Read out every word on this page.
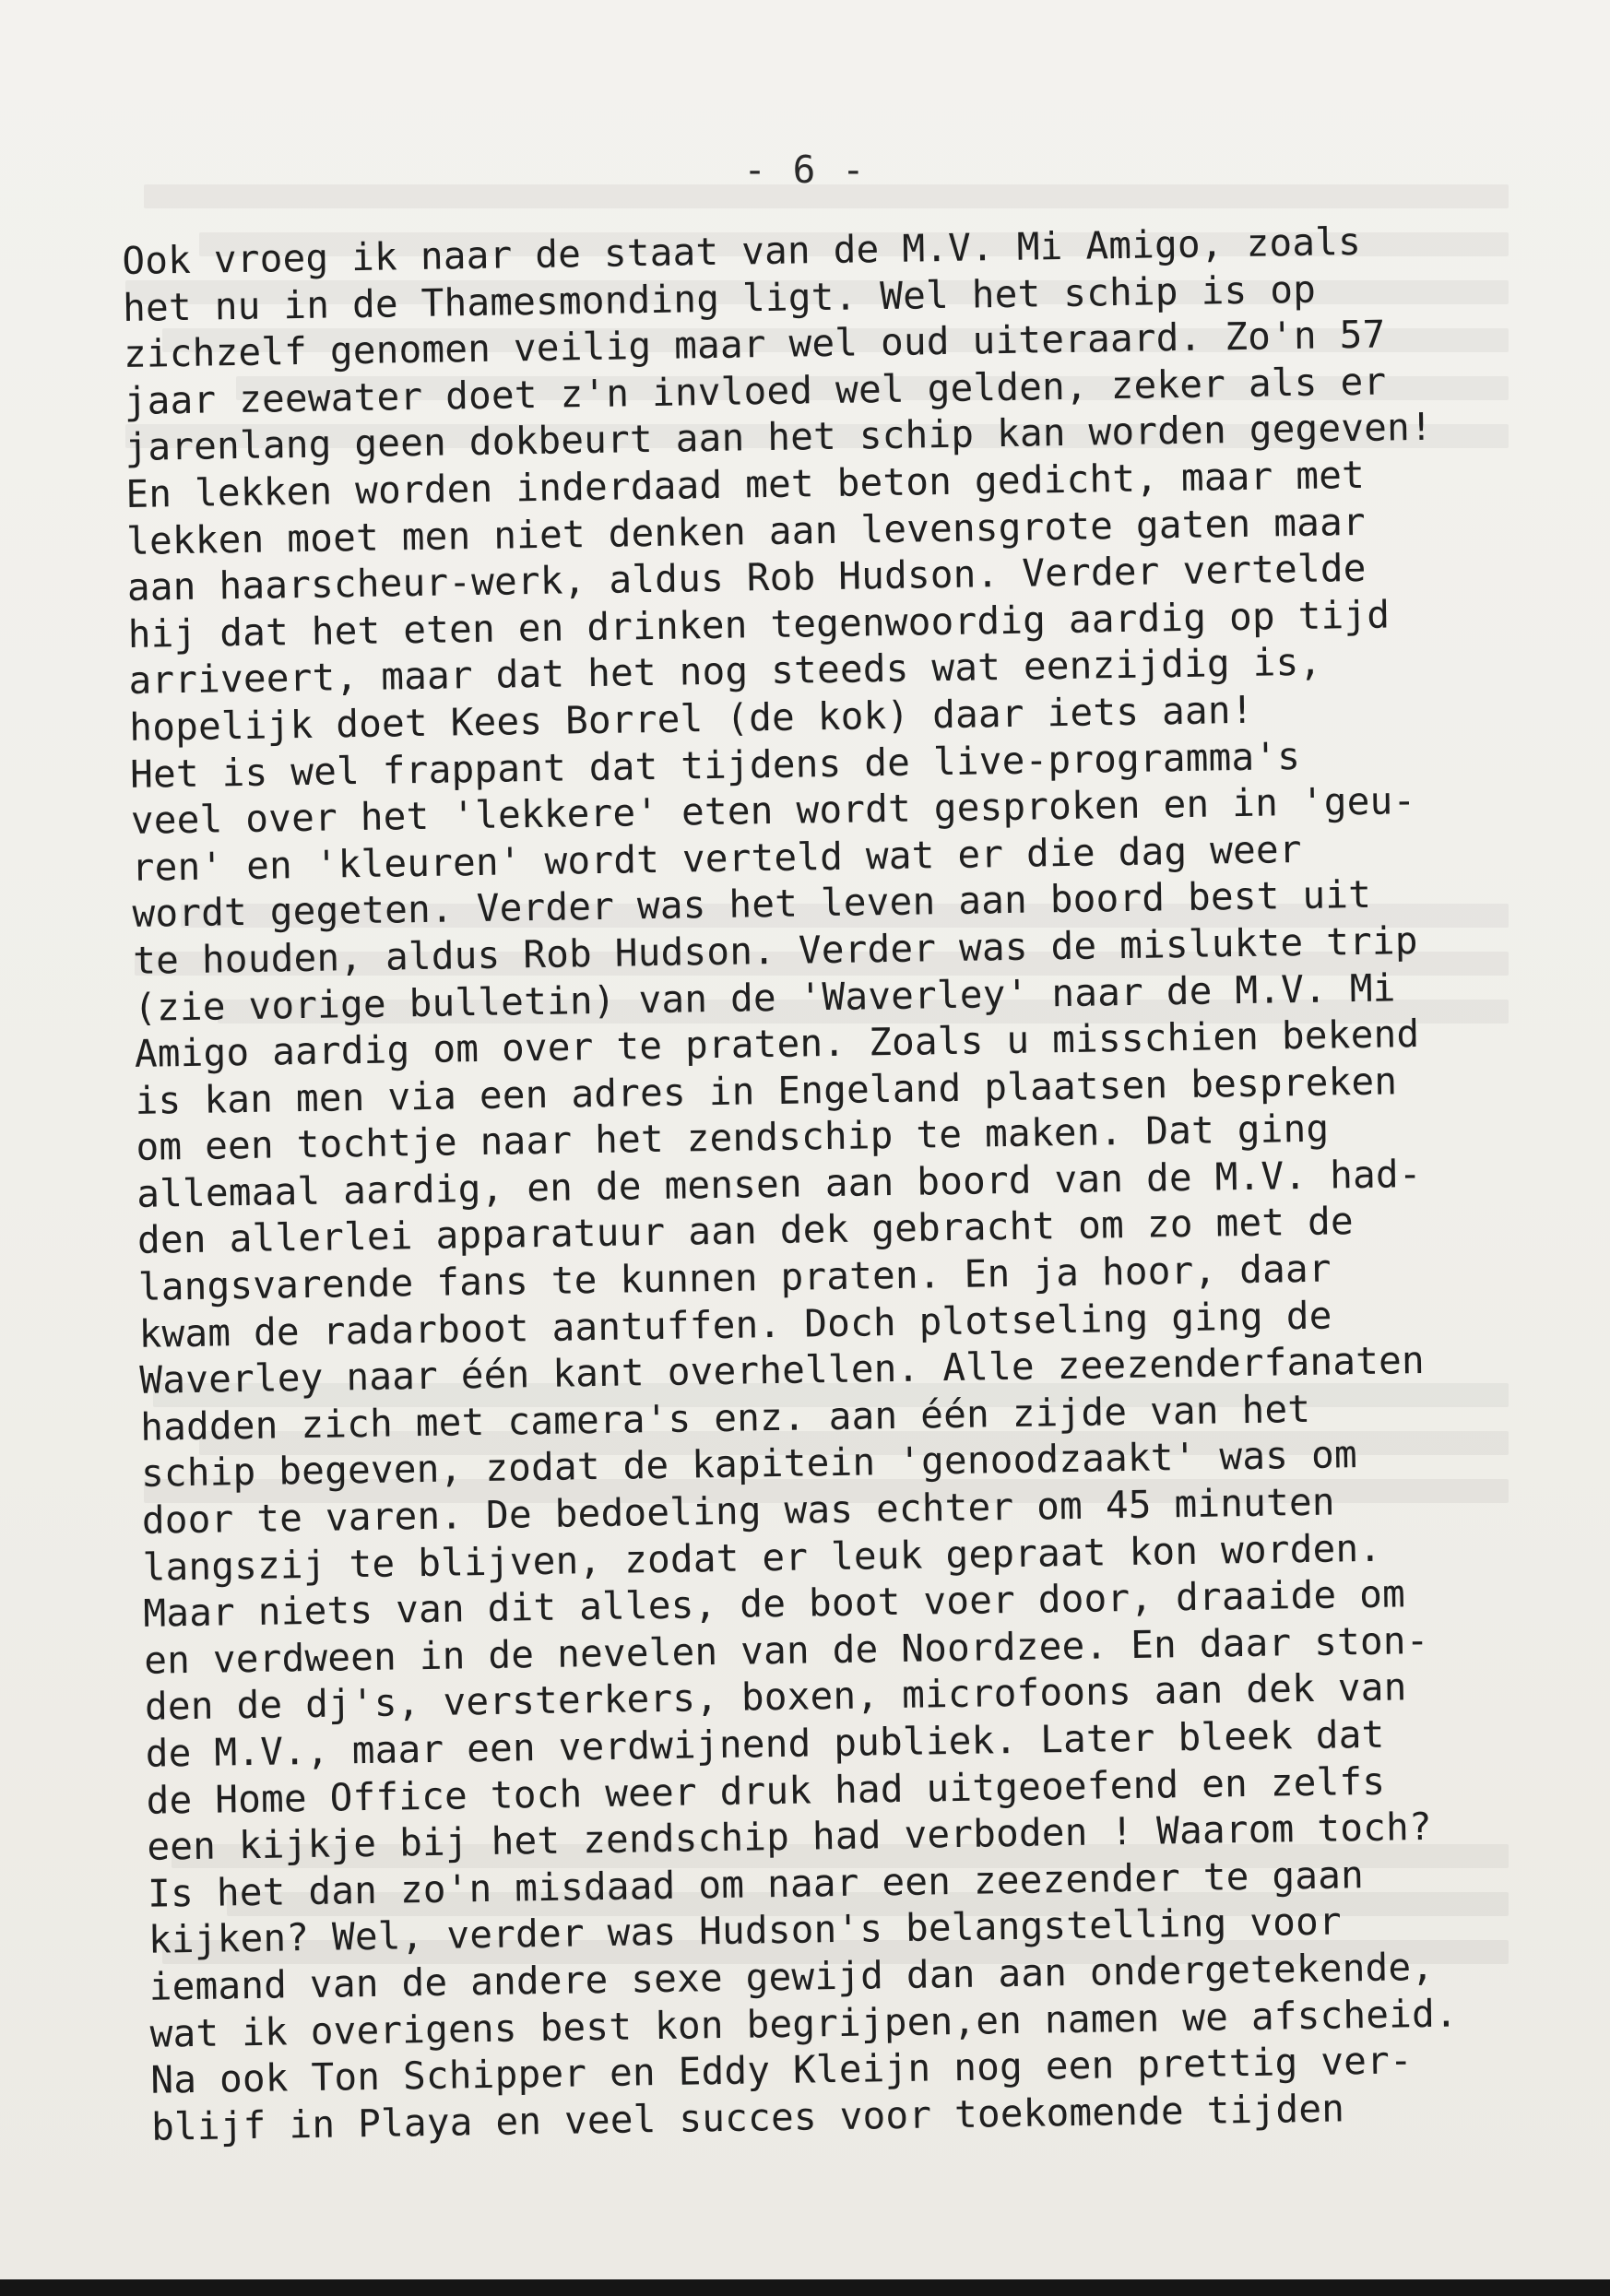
- 6 -
Ook vroeg ik naar de staat van de M.V. Mi Amigo, zoals
het nu in de Thamesmonding ligt. Wel het schip is op
zichzelf genomen veilig maar wel oud uiteraard. Zo'n 57
jaar zeewater doet z'n invloed wel gelden, zeker als er
jarenlang geen dokbeurt aan het schip kan worden gegeven!
En lekken worden inderdaad met beton gedicht, maar met
lekken moet men niet denken aan levensgrote gaten maar
aan haarscheur-werk, aldus Rob Hudson. Verder vertelde
hij dat het eten en drinken tegenwoordig aardig op tijd
arriveert, maar dat het nog steeds wat eenzijdig is,
hopelijk doet Kees Borrel (de kok) daar iets aan!
Het is wel frappant dat tijdens de live-programma's
veel over het 'lekkere' eten wordt gesproken en in 'geu-
ren' en 'kleuren' wordt verteld wat er die dag weer
wordt gegeten. Verder was het leven aan boord best uit
te houden, aldus Rob Hudson. Verder was de mislukte trip
(zie vorige bulletin) van de 'Waverley' naar de M.V. Mi
Amigo aardig om over te praten. Zoals u misschien bekend
is kan men via een adres in Engeland plaatsen bespreken
om een tochtje naar het zendschip te maken. Dat ging
allemaal aardig, en de mensen aan boord van de M.V. had-
den allerlei apparatuur aan dek gebracht om zo met de
langsvarende fans te kunnen praten. En ja hoor, daar
kwam de radarboot aantuffen. Doch plotseling ging de
Waverley naar één kant overhellen. Alle zeezenderfanaten
hadden zich met camera's enz. aan één zijde van het
schip begeven, zodat de kapitein 'genoodzaakt' was om
door te varen. De bedoeling was echter om 45 minuten
langszij te blijven, zodat er leuk gepraat kon worden.
Maar niets van dit alles, de boot voer door, draaide om
en verdween in de nevelen van de Noordzee. En daar ston-
den de dj's, versterkers, boxen, microfoons aan dek van
de M.V., maar een verdwijnend publiek. Later bleek dat
de Home Office toch weer druk had uitgeoefend en zelfs
een kijkje bij het zendschip had verboden ! Waarom toch?
Is het dan zo'n misdaad om naar een zeezender te gaan
kijken? Wel, verder was Hudson's belangstelling voor
iemand van de andere sexe gewijd dan aan ondergetekende,
wat ik overigens best kon begrijpen,en namen we afscheid.
Na ook Ton Schipper en Eddy Kleijn nog een prettig ver-
blijf in Playa en veel succes voor toekomende tijden
